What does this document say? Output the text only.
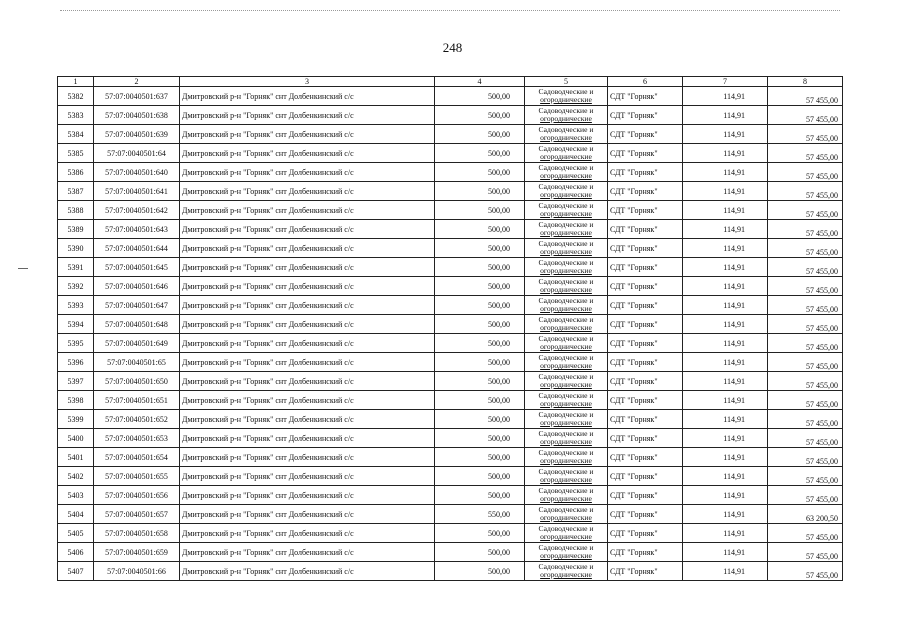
248
1	2	3	4	5	6	7	8
5382	57:07:0040501:637	Дмитровский р-н "Горняк" снт Долбенкинский с/с	500,00	Садоводческие и
огороднические	СДТ "Горняк"	114,91	57 455,00
5383	57:07:0040501:638	Дмитровский р-н "Горняк" снт Долбенкинский с/с	500,00	Садоводческие и
огороднические	СДТ "Горняк"	114,91	57 455,00
5384	57:07:0040501:639	Дмитровский р-н "Горняк" снт Долбенкинский с/с	500,00	Садоводческие и
огороднические	СДТ "Горняк"	114,91	57 455,00
5385	57:07:0040501:64	Дмитровский р-н "Горняк" снт Долбенкинский с/с	500,00	Садоводческие и
огороднические	СДТ "Горняк"	114,91	57 455,00
5386	57:07:0040501:640	Дмитровский р-н "Горняк" снт Долбенкинский с/с	500,00	Садоводческие и
огороднические	СДТ "Горняк"	114,91	57 455,00
5387	57:07:0040501:641	Дмитровский р-н "Горняк" снт Долбенкинский с/с	500,00	Садоводческие и
огороднические	СДТ "Горняк"	114,91	57 455,00
5388	57:07:0040501:642	Дмитровский р-н "Горняк" снт Долбенкинский с/с	500,00	Садоводческие и
огороднические	СДТ "Горняк"	114,91	57 455,00
5389	57:07:0040501:643	Дмитровский р-н "Горняк" снт Долбенкинский с/с	500,00	Садоводческие и
огороднические	СДТ "Горняк"	114,91	57 455,00
5390	57:07:0040501:644	Дмитровский р-н "Горняк" снт Долбенкинский с/с	500,00	Садоводческие и
огороднические	СДТ "Горняк"	114,91	57 455,00
5391	57:07:0040501:645	Дмитровский р-н "Горняк" снт Долбенкинский с/с	500,00	Садоводческие и
огороднические	СДТ "Горняк"	114,91	57 455,00
5392	57:07:0040501:646	Дмитровский р-н "Горняк" снт Долбенкинский с/с	500,00	Садоводческие и
огороднические	СДТ "Горняк"	114,91	57 455,00
5393	57:07:0040501:647	Дмитровский р-н "Горняк" снт Долбенкинский с/с	500,00	Садоводческие и
огороднические	СДТ "Горняк"	114,91	57 455,00
5394	57:07:0040501:648	Дмитровский р-н "Горняк" снт Долбенкинский с/с	500,00	Садоводческие и
огороднические	СДТ "Горняк"	114,91	57 455,00
5395	57:07:0040501:649	Дмитровский р-н "Горняк" снт Долбенкинский с/с	500,00	Садоводческие и
огороднические	СДТ "Горняк"	114,91	57 455,00
5396	57:07:0040501:65	Дмитровский р-н "Горняк" снт Долбенкинский с/с	500,00	Садоводческие и
огороднические	СДТ "Горняк"	114,91	57 455,00
5397	57:07:0040501:650	Дмитровский р-н "Горняк" снт Долбенкинский с/с	500,00	Садоводческие и
огороднические	СДТ "Горняк"	114,91	57 455,00
5398	57:07:0040501:651	Дмитровский р-н "Горняк" снт Долбенкинский с/с	500,00	Садоводческие и
огороднические	СДТ "Горняк"	114,91	57 455,00
5399	57:07:0040501:652	Дмитровский р-н "Горняк" снт Долбенкинский с/с	500,00	Садоводческие и
огороднические	СДТ "Горняк"	114,91	57 455,00
5400	57:07:0040501:653	Дмитровский р-н "Горняк" снт Долбенкинский с/с	500,00	Садоводческие и
огороднические	СДТ "Горняк"	114,91	57 455,00
5401	57:07:0040501:654	Дмитровский р-н "Горняк" снт Долбенкинский с/с	500,00	Садоводческие и
огороднические	СДТ "Горняк"	114,91	57 455,00
5402	57:07:0040501:655	Дмитровский р-н "Горняк" снт Долбенкинский с/с	500,00	Садоводческие и
огороднические	СДТ "Горняк"	114,91	57 455,00
5403	57:07:0040501:656	Дмитровский р-н "Горняк" снт Долбенкинский с/с	500,00	Садоводческие и
огороднические	СДТ "Горняк"	114,91	57 455,00
5404	57:07:0040501:657	Дмитровский р-н "Горняк" снт Долбенкинский с/с	550,00	Садоводческие и
огороднические	СДТ "Горняк"	114,91	63 200,50
5405	57:07:0040501:658	Дмитровский р-н "Горняк" снт Долбенкинский с/с	500,00	Садоводческие и
огороднические	СДТ "Горняк"	114,91	57 455,00
5406	57:07:0040501:659	Дмитровский р-н "Горняк" снт Долбенкинский с/с	500,00	Садоводческие и
огороднические	СДТ "Горняк"	114,91	57 455,00
5407	57:07:0040501:66	Дмитровский р-н "Горняк" снт Долбенкинский с/с	500,00	Садоводческие и
огороднические	СДТ "Горняк"	114,91	57 455,00
